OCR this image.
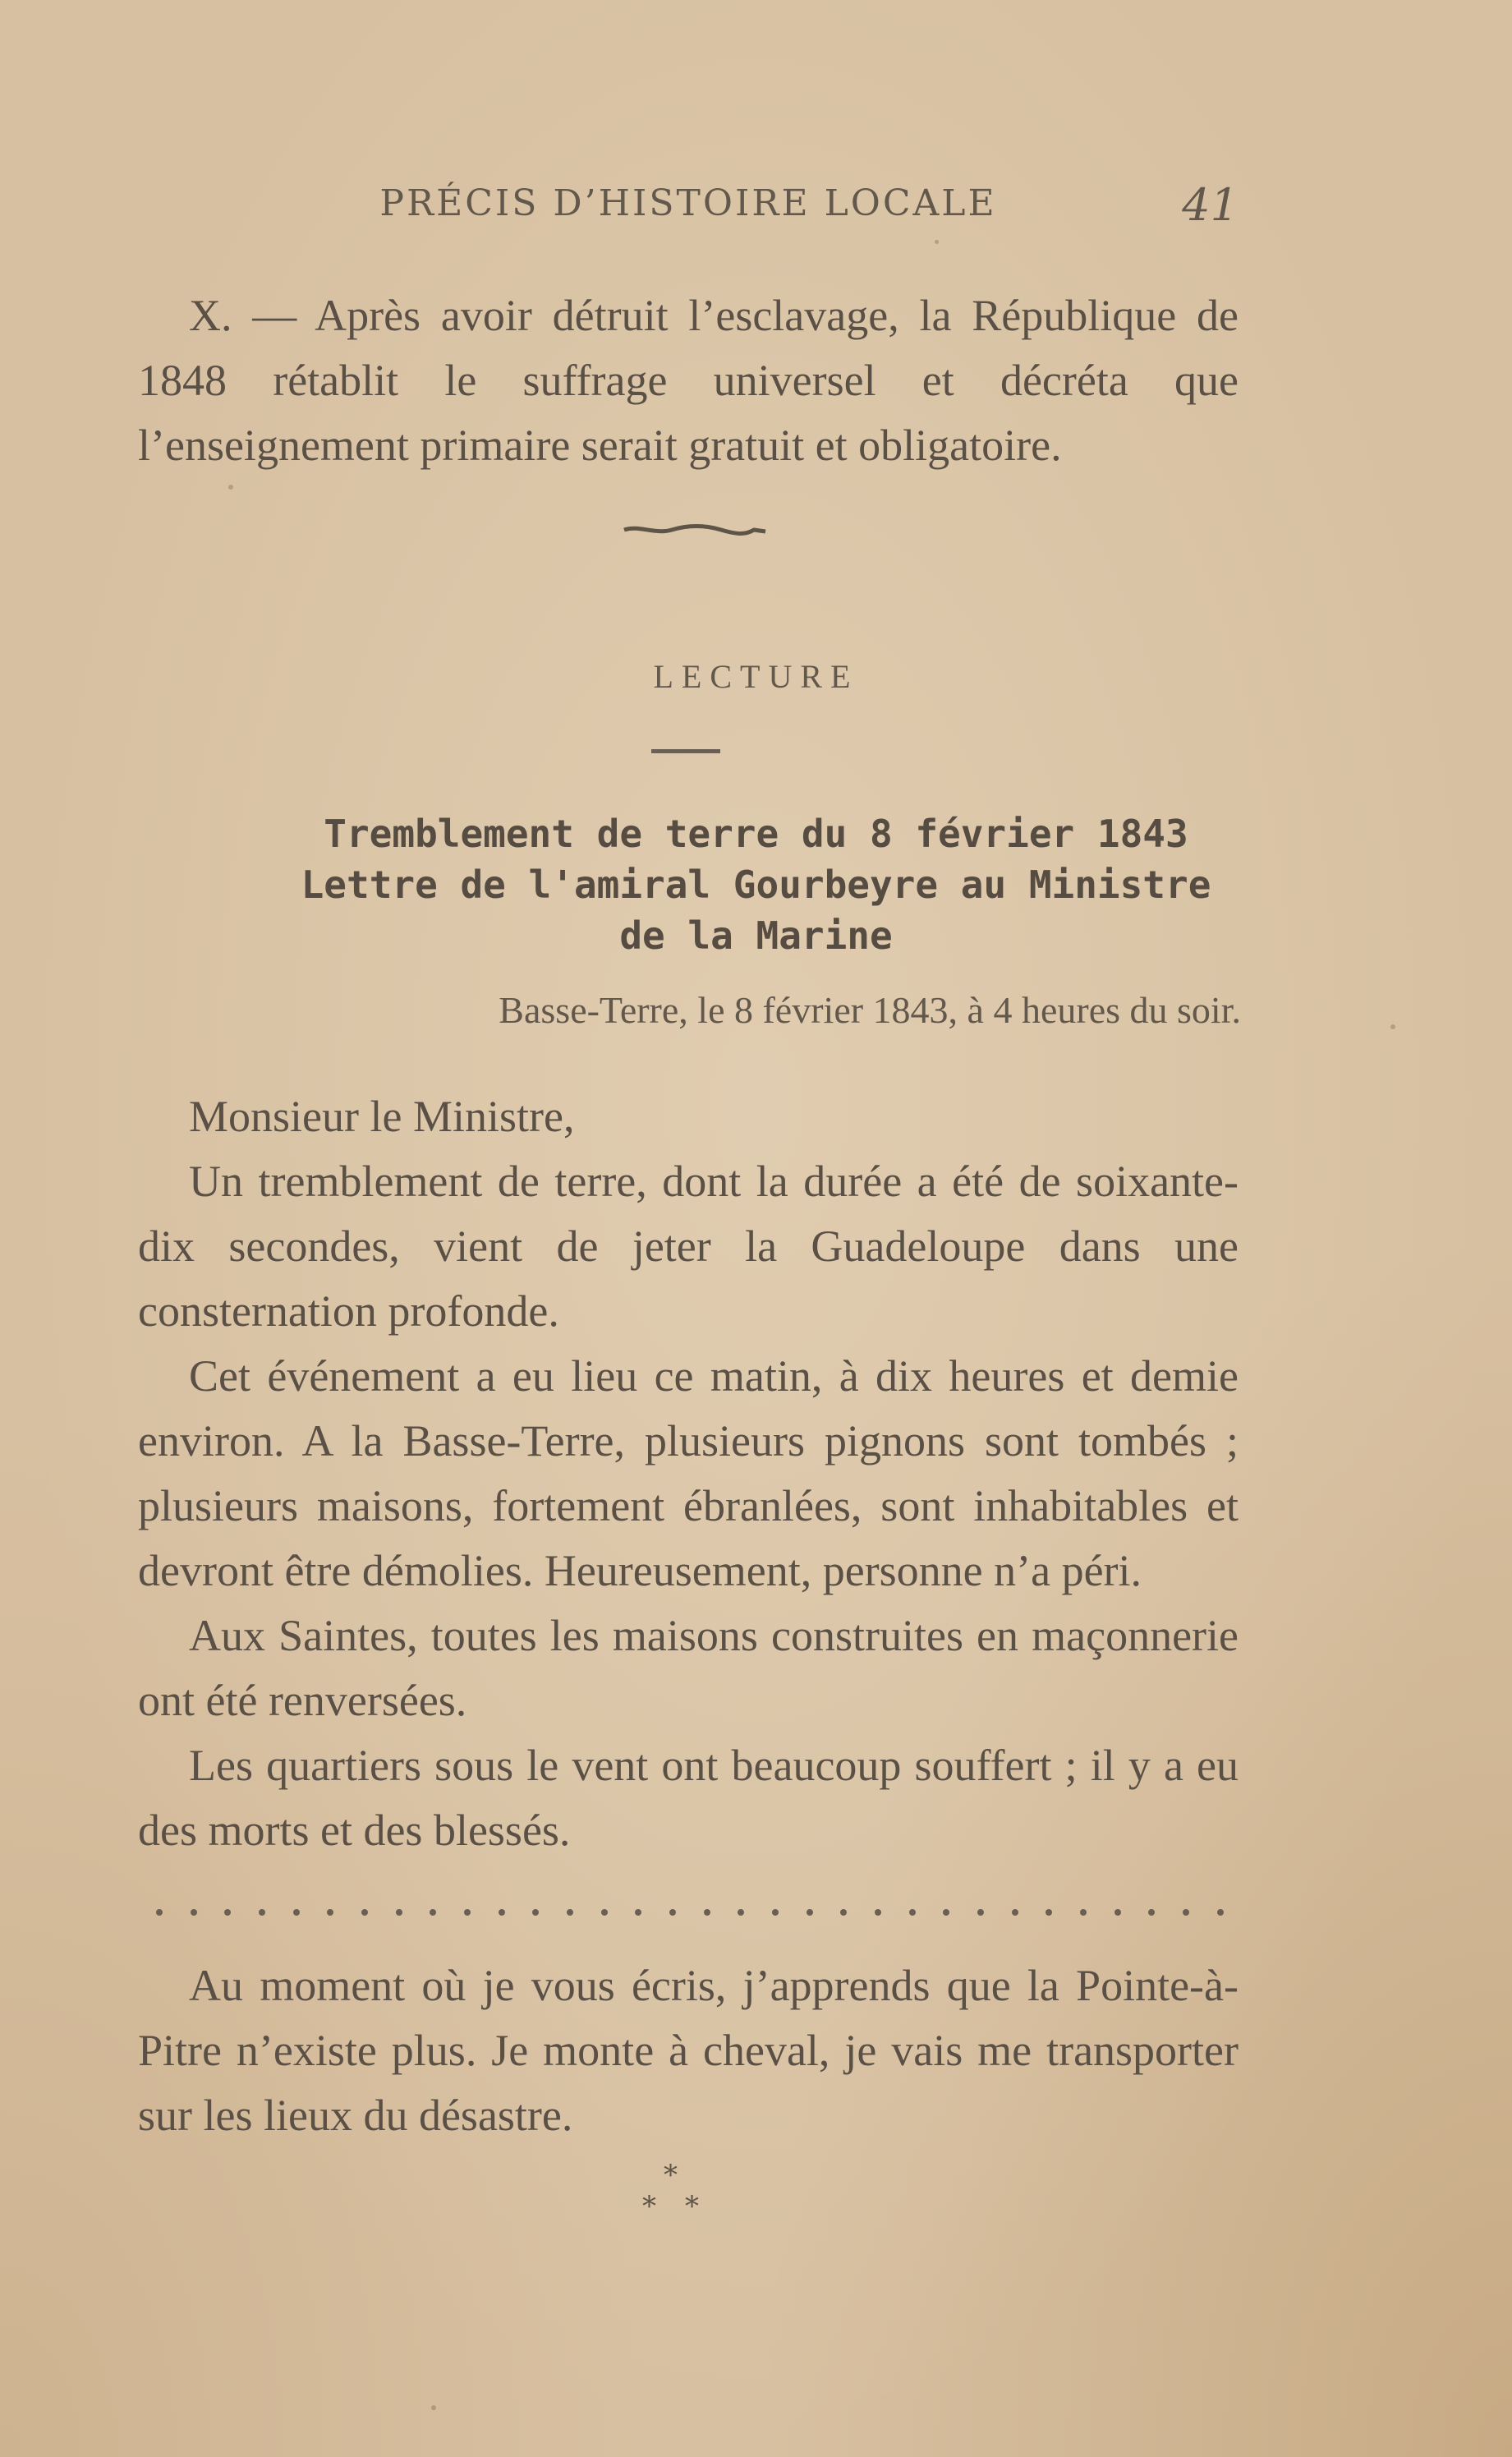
PRÉCIS D’HISTOIRE LOCALE	41

X. — Après avoir détruit l’esclavage, la République de 1848 rétablit le suffrage universel et décréta que l’enseignement primaire serait gratuit et obligatoire.

LECTURE
Tremblement de terre du 8 février 1843
Lettre de l'amiral Gourbeyre au Ministre
de la Marine
Basse-Terre, le 8 février 1843, à 4 heures du soir.

Monsieur le Ministre,

Un tremblement de terre, dont la durée a été de soixante-dix secondes, vient de jeter la Guadeloupe dans une consternation profonde.

Cet événement a eu lieu ce matin, à dix heures et demie environ. A la Basse-Terre, plusieurs pignons sont tombés ; plusieurs maisons, fortement ébranlées, sont inhabitables et devront être démolies. Heureusement, personne n’a péri.

Aux Saintes, toutes les maisons construites en maçonnerie ont été renversées.

Les quartiers sous le vent ont beaucoup souffert ; il y a eu des morts et des blessés.

Au moment où je vous écris, j’apprends que la Pointe-à-Pitre n’existe plus. Je monte à cheval, je vais me transporter sur les lieux du désastre.

*
* *
